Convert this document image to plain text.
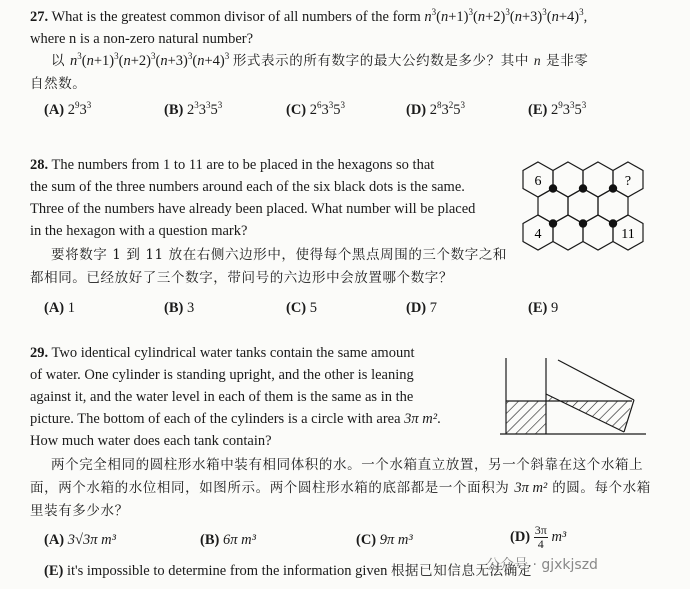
27. What is the greatest common divisor of all numbers of the form $n^3(n+1)^3(n+2)^3(n+3)^3(n+4)^3$,
where n is a non-zero natural number?
以 $n^3(n+1)^3(n+2)^3(n+3)^3(n+4)^3$ 形式表示的所有数字的最大公约数是多少？其中 n 是非零
自然数。
(A) $2^93^3$	(B) $2^33^35^3$	(C) $2^63^35^3$	(D) $2^83^25^3$	(E) $2^93^35^3$
28. The numbers from 1 to 11 are to be placed in the hexagons so that
the sum of the three numbers around each of the six black dots is the same.
Three of the numbers have already been placed. What number will be placed
in the hexagon with a question mark?
要将数字 1 到 11 放在右侧六边形中，使得每个黑点周围的三个数字之和
都相同。已经放好了三个数字，带问号的六边形中会放置哪个数字？
6	?
4	11
(A) 1	(B) 3	(C) 5	(D) 7	(E) 9
29. Two identical cylindrical water tanks contain the same amount
of water. One cylinder is standing upright, and the other is leaning
against it, and the water level in each of them is the same as in the
picture. The bottom of each of the cylinders is a circle with area 3π m².
How much water does each tank contain?
两个完全相同的圆柱形水箱中装有相同体积的水。一个水箱直立放置，另一个斜靠在这个水箱上
面，两个水箱的水位相同，如图所示。两个圆柱形水箱的底部都是一个面积为 3π m² 的圆。每个水箱
里装有多少水？
(A) 3√3π m³	(B) 6π m³	(C) 9π m³	$(D) \frac{3\pi}{4} m^3$
(E) it's impossible to determine from the information given 根据已知信息无法确定
公众号 · gjxkjszd
